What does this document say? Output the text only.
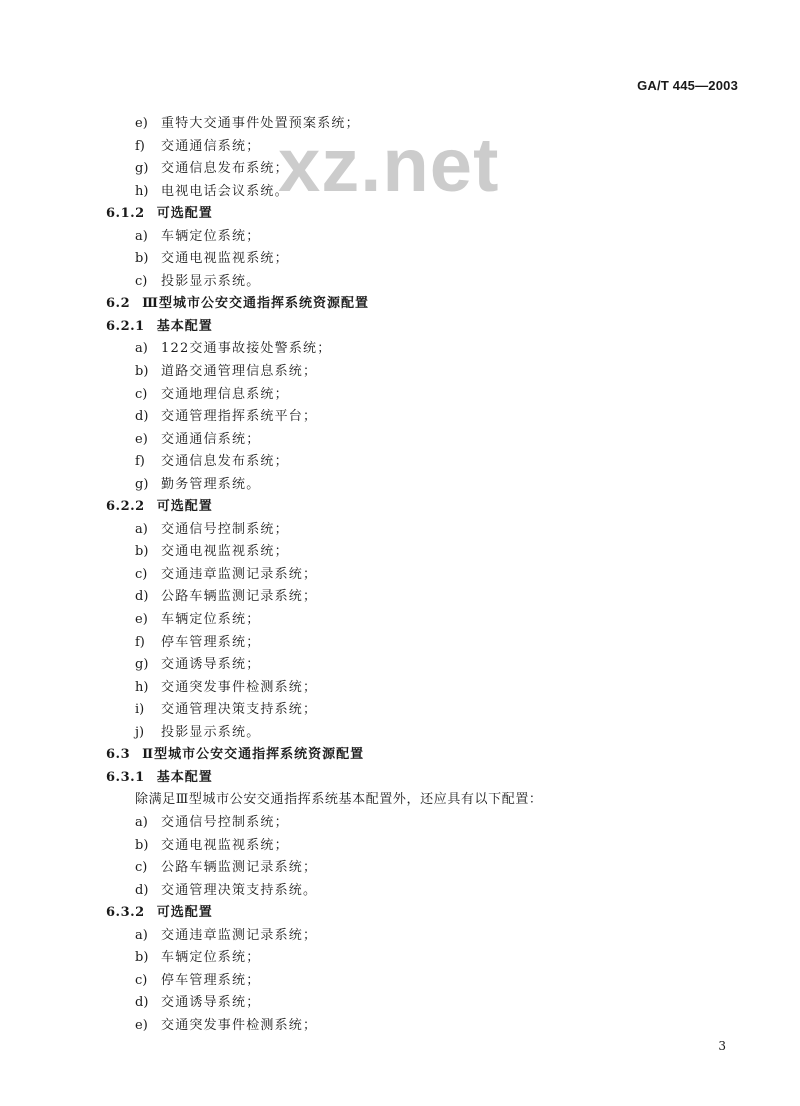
GA/T 445—2003
xz.net
e) 重特大交通事件处置预案系统；
f) 交通通信系统；
g) 交通信息发布系统；
h) 电视电话会议系统。
6.1.2 可选配置
a) 车辆定位系统；
b) 交通电视监视系统；
c) 投影显示系统。
6.2 Ⅲ型城市公安交通指挥系统资源配置
6.2.1 基本配置
a) 122交通事故接处警系统；
b) 道路交通管理信息系统；
c) 交通地理信息系统；
d) 交通管理指挥系统平台；
e) 交通通信系统；
f) 交通信息发布系统；
g) 勤务管理系统。
6.2.2 可选配置
a) 交通信号控制系统；
b) 交通电视监视系统；
c) 交通违章监测记录系统；
d) 公路车辆监测记录系统；
e) 车辆定位系统；
f) 停车管理系统；
g) 交通诱导系统；
h) 交通突发事件检测系统；
i) 交通管理决策支持系统；
j) 投影显示系统。
6.3 Ⅱ型城市公安交通指挥系统资源配置
6.3.1 基本配置
除满足Ⅲ型城市公安交通指挥系统基本配置外，还应具有以下配置：
a) 交通信号控制系统；
b) 交通电视监视系统；
c) 公路车辆监测记录系统；
d) 交通管理决策支持系统。
6.3.2 可选配置
a) 交通违章监测记录系统；
b) 车辆定位系统；
c) 停车管理系统；
d) 交通诱导系统；
e) 交通突发事件检测系统；
3
